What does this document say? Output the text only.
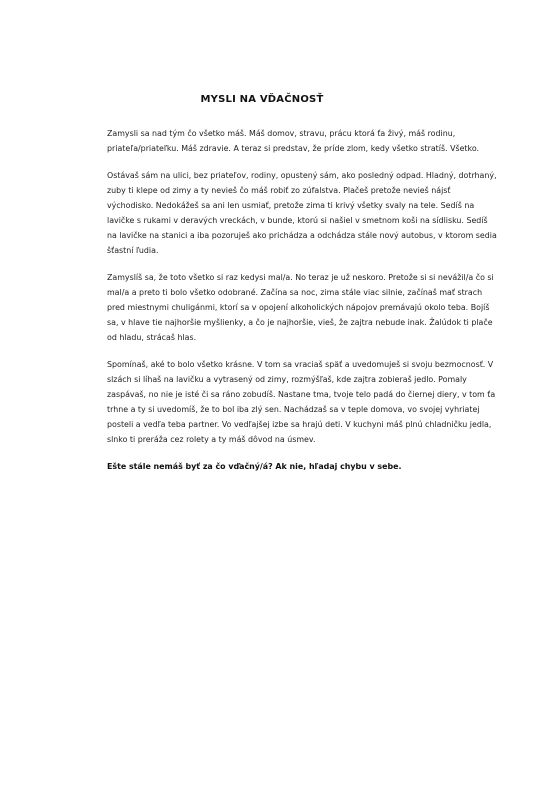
MYSLI NA VĎAČNOSŤ

Zamysli sa nad tým čo všetko máš. Máš domov, stravu, prácu ktorá ťa živý, máš rodinu, priateľa/priateľku. Máš zdravie. A teraz si predstav, že príde zlom, kedy všetko stratíš. Všetko.

Ostávaš sám na ulici, bez priateľov, rodiny, opustený sám, ako posledný odpad. Hladný, dotrhaný, zuby ti klepe od zimy a ty nevieš čo máš robiť zo zúfalstva. Plačeš pretože nevieš nájsť východisko. Nedokážeš sa ani len usmiať, pretože zima ti krivý všetky svaly na tele. Sedíš na lavičke s rukami v deravých vreckách, v bunde, ktorú si našiel v smetnom koši na sídlisku. Sedíš na lavičke na stanici a iba pozoruješ ako prichádza a odchádza stále nový autobus, v ktorom sedia šťastní ľudia.

Zamyslíš sa, že toto všetko si raz kedysi mal/a. No teraz je už neskoro. Pretože si si nevážil/a čo si mal/a a preto ti bolo všetko odobrané. Začína sa noc, zima stále viac silnie, začínaš mať strach pred miestnymi chuligánmi, ktorí sa v opojení alkoholických nápojov premávajú okolo teba. Bojíš sa, v hlave tie najhoršie myšlienky, a čo je najhoršie, vieš, že zajtra nebude inak. Žalúdok ti plače od hladu, strácaš hlas.

Spomínaš, aké to bolo všetko krásne. V tom sa vraciaš späť a uvedomuješ si svoju bezmocnosť. V slzách si líhaš na lavičku a vytrasený od zimy, rozmýšľaš, kde zajtra zobieraš jedlo. Pomaly zaspávaš, no nie je isté či sa ráno zobudíš. Nastane tma, tvoje telo padá do čiernej diery, v tom ťa trhne a ty si uvedomíš, že to bol iba zlý sen. Nachádzaš sa v teple domova, vo svojej vyhriatej posteli a vedľa teba partner. Vo vedľajšej izbe sa hrajú deti. V kuchyni máš plnú chladničku jedla, slnko ti preráža cez rolety a ty máš dôvod na úsmev.

Ešte stále nemáš byť za čo vďačný/á? Ak nie, hľadaj chybu v sebe.
